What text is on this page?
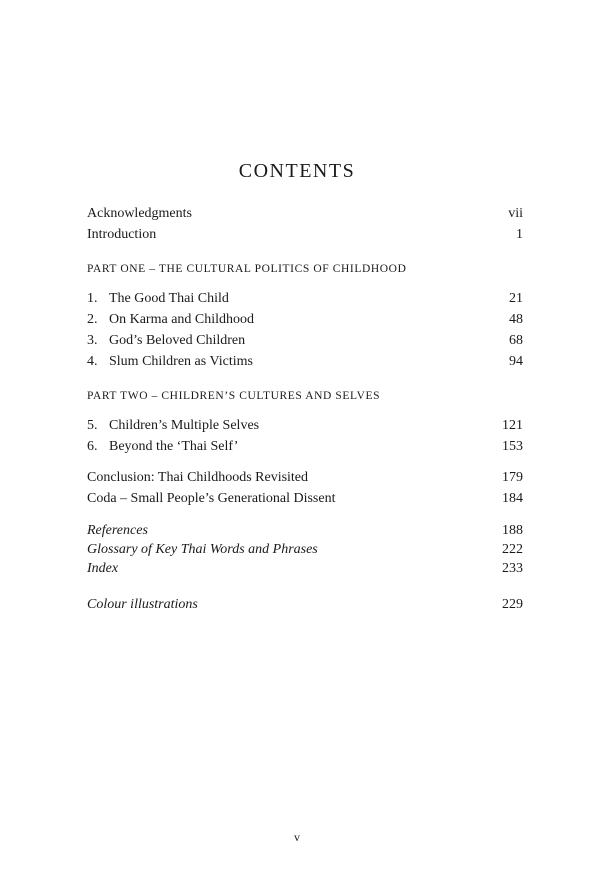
CONTENTS
Acknowledgments	vii
Introduction	1
PART ONE – THE CULTURAL POLITICS OF CHILDHOOD
1. The Good Thai Child	21
2. On Karma and Childhood	48
3. God’s Beloved Children	68
4. Slum Children as Victims	94
PART TWO – CHILDREN’S CULTURES AND SELVES
5. Children’s Multiple Selves	121
6. Beyond the ‘Thai Self’	153
Conclusion: Thai Childhoods Revisited	179
Coda – Small People’s Generational Dissent	184
References	188
Glossary of Key Thai Words and Phrases	222
Index	233
Colour illustrations	229
v
